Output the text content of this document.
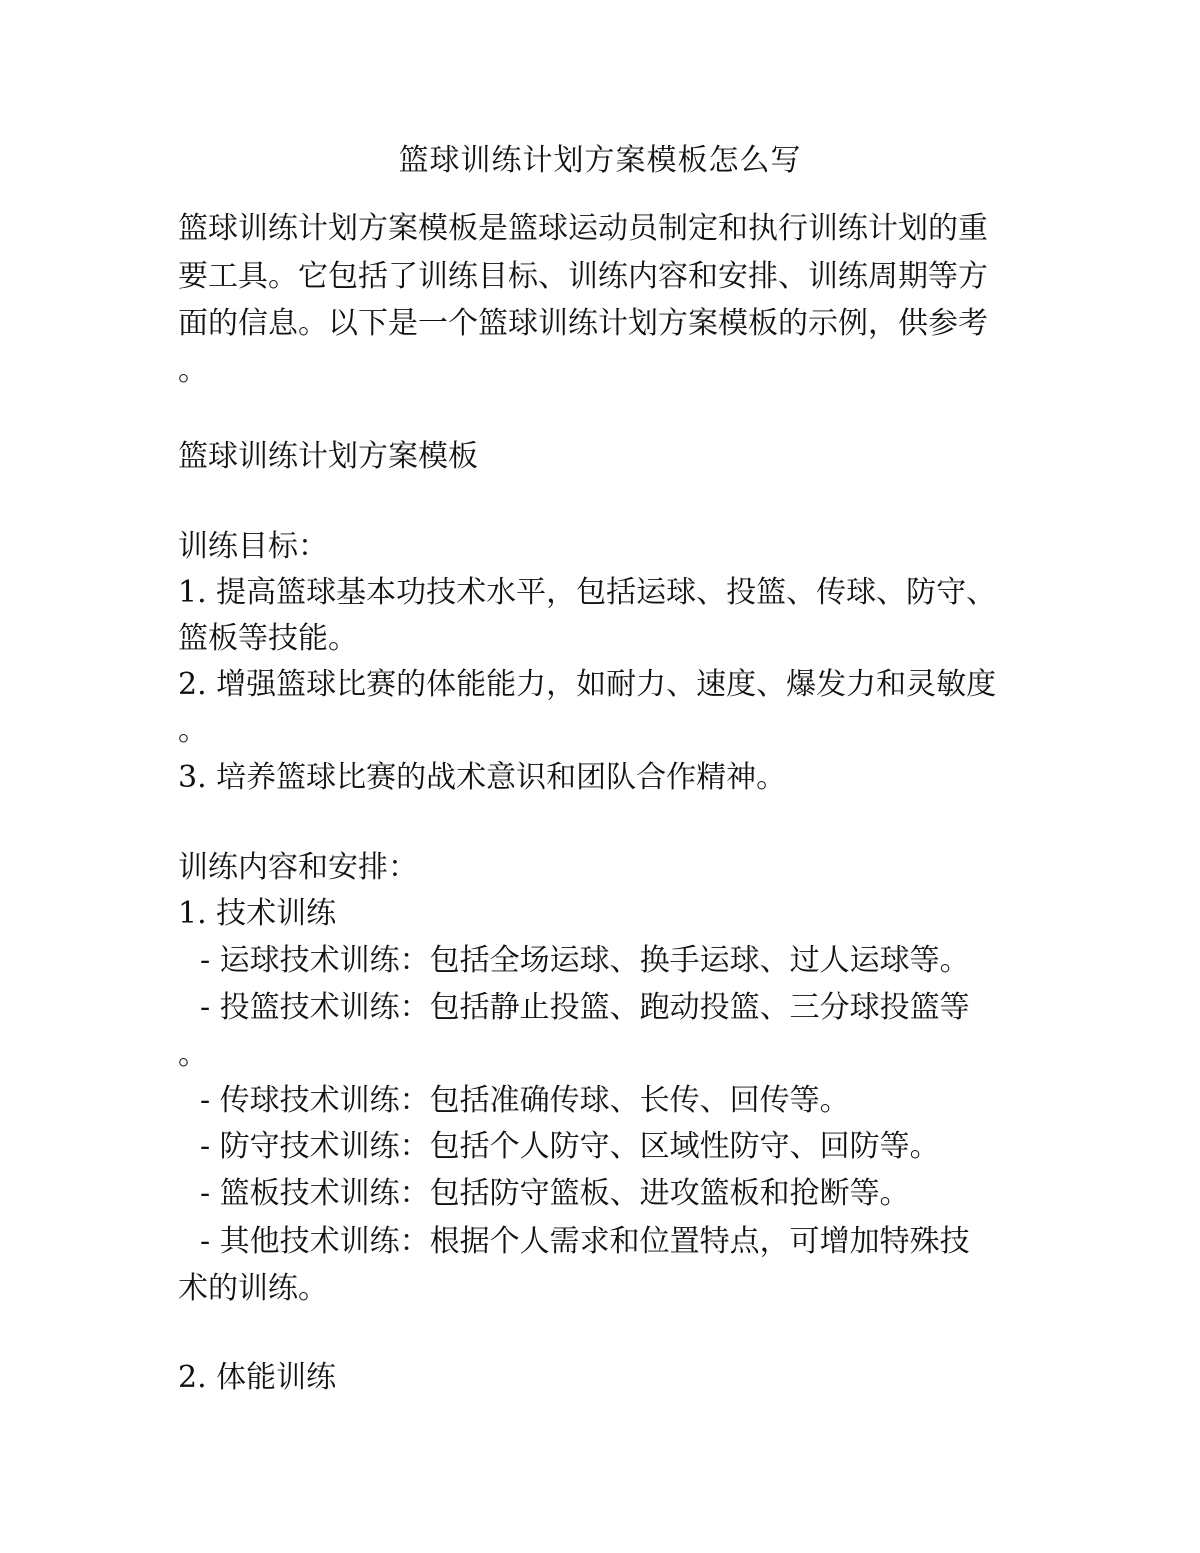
篮球训练计划方案模板怎么写
篮球训练计划方案模板是篮球运动员制定和执行训练计划的重
要工具。它包括了训练目标、训练内容和安排、训练周期等方
面的信息。以下是一个篮球训练计划方案模板的示例，供参考
。
篮球训练计划方案模板
训练目标：
1. 提高篮球基本功技术水平，包括运球、投篮、传球、防守、
篮板等技能。
2. 增强篮球比赛的体能能力，如耐力、速度、爆发力和灵敏度
。
3. 培养篮球比赛的战术意识和团队合作精神。
训练内容和安排：
1. 技术训练
- 运球技术训练：包括全场运球、换手运球、过人运球等。
- 投篮技术训练：包括静止投篮、跑动投篮、三分球投篮等
。
- 传球技术训练：包括准确传球、长传、回传等。
- 防守技术训练：包括个人防守、区域性防守、回防等。
- 篮板技术训练：包括防守篮板、进攻篮板和抢断等。
- 其他技术训练：根据个人需求和位置特点，可增加特殊技
术的训练。
2. 体能训练
